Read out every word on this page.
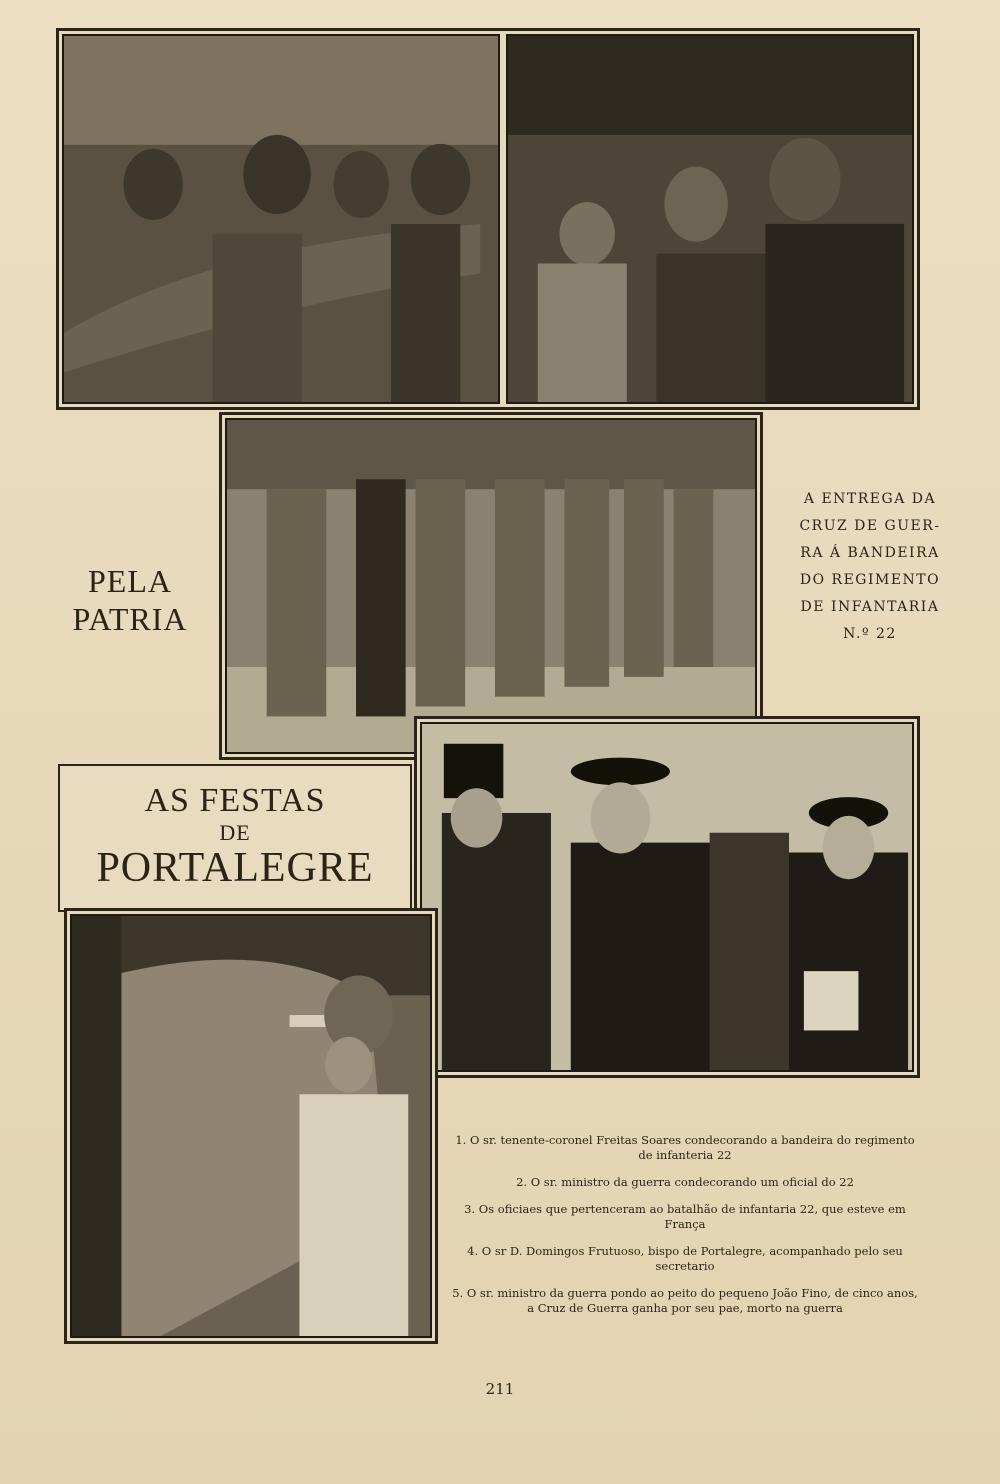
PELA
PATRIA
A ENTREGA DA
CRUZ DE GUER-
RA Á BANDEIRA
DO REGIMENTO
DE INFANTARIA
N.º 22
AS FESTAS
DE
PORTALEGRE

1. O sr. tenente-coronel Freitas Soares condecorando a bandeira do regimento de infanteria 22

2. O sr. ministro da guerra condecorando um oficial do 22

3. Os oficiaes que pertenceram ao batalhão de infantaria 22, que esteve em França

4. O sr D. Domingos Frutuoso, bispo de Portalegre, acompanhado pelo seu secretario

5. O sr. ministro da guerra pondo ao peito do pequeno João Fino, de cinco anos, a Cruz de Guerra ganha por seu pae, morto na guerra

211
